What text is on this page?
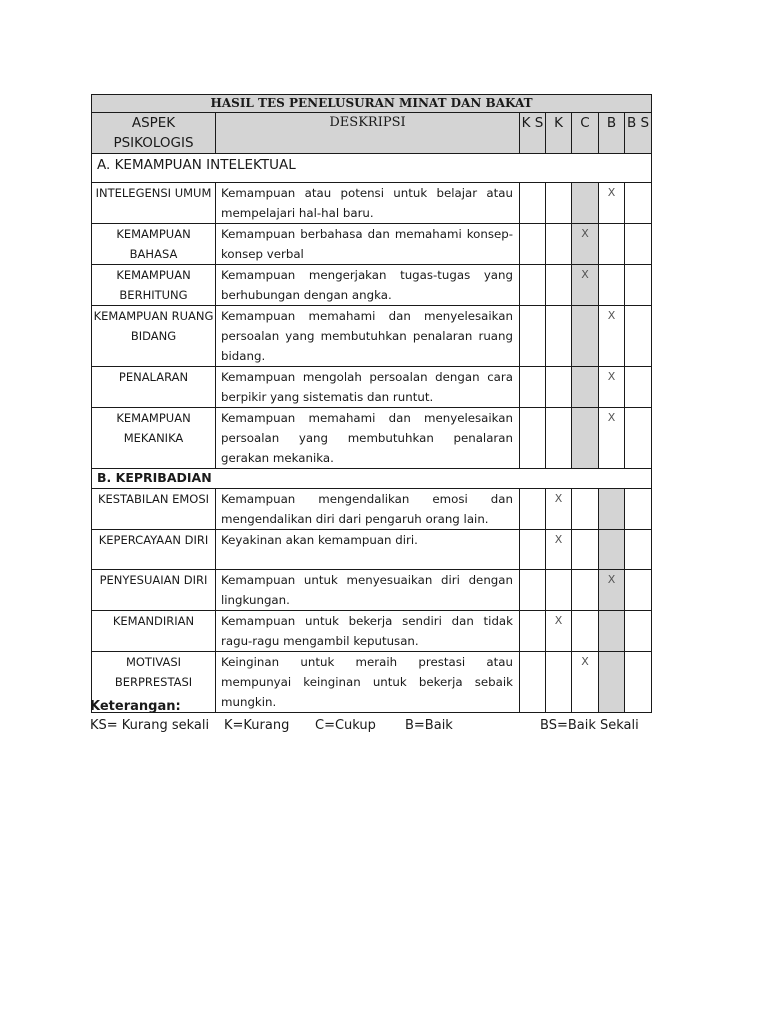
HASIL TES PENELUSURAN MINAT DAN BAKAT						
ASPEK PSIKOLOGIS	DESKRIPSI	K S	K	C	B	B S
A. KEMAMPUAN INTELEKTUAL						
INTELEGENSI UMUM	Kemampuan atau potensi untuk belajar atau mempelajari hal-hal baru.				X	
KEMAMPUAN BAHASA	Kemampuan berbahasa dan memahami konsep-konsep verbal			X		
KEMAMPUAN BERHITUNG	Kemampuan mengerjakan tugas-tugas yang berhubungan dengan angka.			X		
KEMAMPUAN RUANG BIDANG	Kemampuan memahami dan menyelesaikan persoalan yang membutuhkan penalaran ruang bidang.				X	
PENALARAN	Kemampuan mengolah persoalan dengan cara berpikir yang sistematis dan runtut.				X	
KEMAMPUAN MEKANIKA	Kemampuan memahami dan menyelesaikan persoalan yang membutuhkan penalaran gerakan mekanika.				X	
B. KEPRIBADIAN						
KESTABILAN EMOSI	Kemampuan mengendalikan emosi dan mengendalikan diri dari pengaruh orang lain.		X			
KEPERCAYAAN DIRI	Keyakinan akan kemampuan diri.		X			
PENYESUAIAN DIRI	Kemampuan untuk menyesuaikan diri dengan lingkungan.				X	
KEMANDIRIAN	Kemampuan untuk bekerja sendiri dan tidak ragu-ragu mengambil keputusan.		X			
MOTIVASI BERPRESTASI	Keinginan untuk meraih prestasi atau mempunyai keinginan untuk bekerja sebaik mungkin.			X		
Keterangan:
KS= Kurang sekali K=Kurang C=Cukup B=Baik	BS=Baik Sekali
